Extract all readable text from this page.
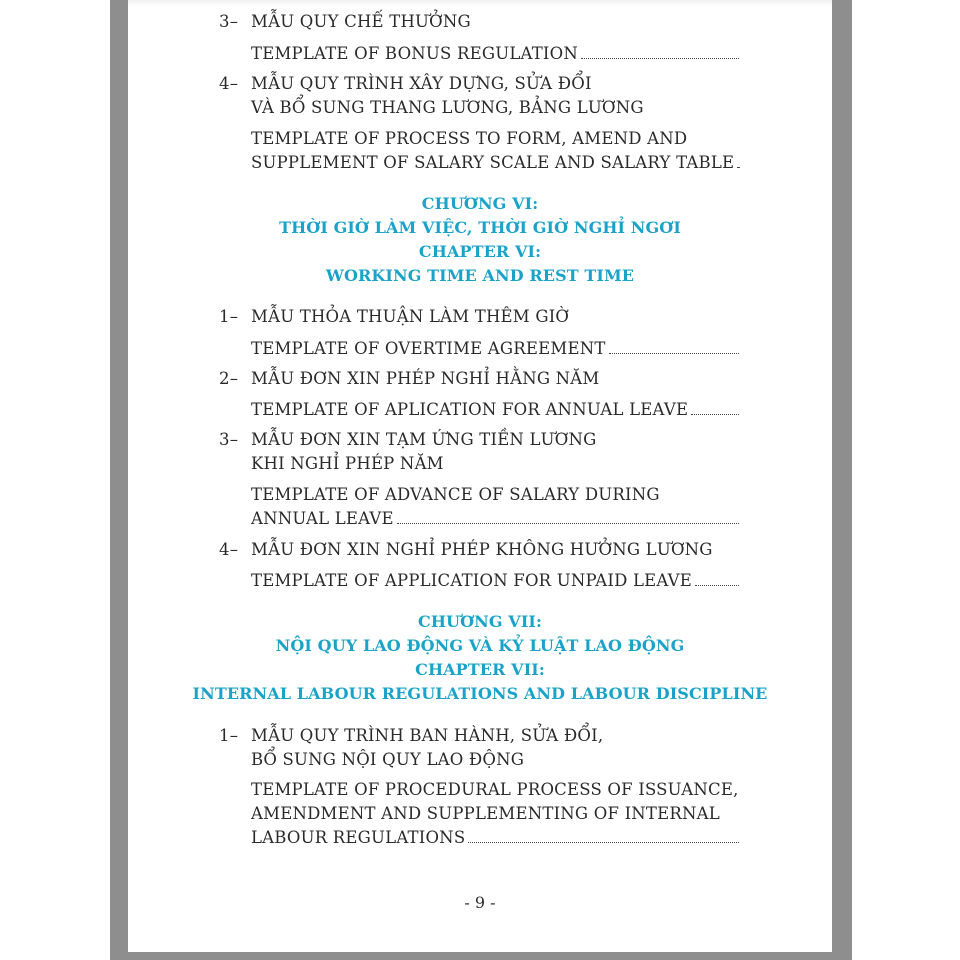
3– MẪU QUY CHẾ THƯỞNG
TEMPLATE OF BONUS REGULATION
4– MẪU QUY TRÌNH XÂY DỰNG, SỬA ĐỔI
VÀ BỔ SUNG THANG LƯƠNG, BẢNG LƯƠNG
TEMPLATE OF PROCESS TO FORM, AMEND AND
SUPPLEMENT OF SALARY SCALE AND SALARY TABLE
CHƯƠNG VI:
THỜI GIỜ LÀM VIỆC, THỜI GIỜ NGHỈ NGƠI
CHAPTER VI:
WORKING TIME AND REST TIME
1– MẪU THỎA THUẬN LÀM THÊM GIỜ
TEMPLATE OF OVERTIME AGREEMENT
2– MẪU ĐƠN XIN PHÉP NGHỈ HẰNG NĂM
TEMPLATE OF APLICATION FOR ANNUAL LEAVE
3– MẪU ĐƠN XIN TẠM ỨNG TIỀN LƯƠNG
KHI NGHỈ PHÉP NĂM
TEMPLATE OF ADVANCE OF SALARY DURING
ANNUAL LEAVE
4– MẪU ĐƠN XIN NGHỈ PHÉP KHÔNG HƯỞNG LƯƠNG
TEMPLATE OF APPLICATION FOR UNPAID LEAVE
CHƯƠNG VII:
NỘI QUY LAO ĐỘNG VÀ KỶ LUẬT LAO ĐỘNG
CHAPTER VII:
INTERNAL LABOUR REGULATIONS AND LABOUR DISCIPLINE
1– MẪU QUY TRÌNH BAN HÀNH, SỬA ĐỔI,
BỔ SUNG NỘI QUY LAO ĐỘNG
TEMPLATE OF PROCEDURAL PROCESS OF ISSUANCE,
AMENDMENT AND SUPPLEMENTING OF INTERNAL
LABOUR REGULATIONS
- 9 -
